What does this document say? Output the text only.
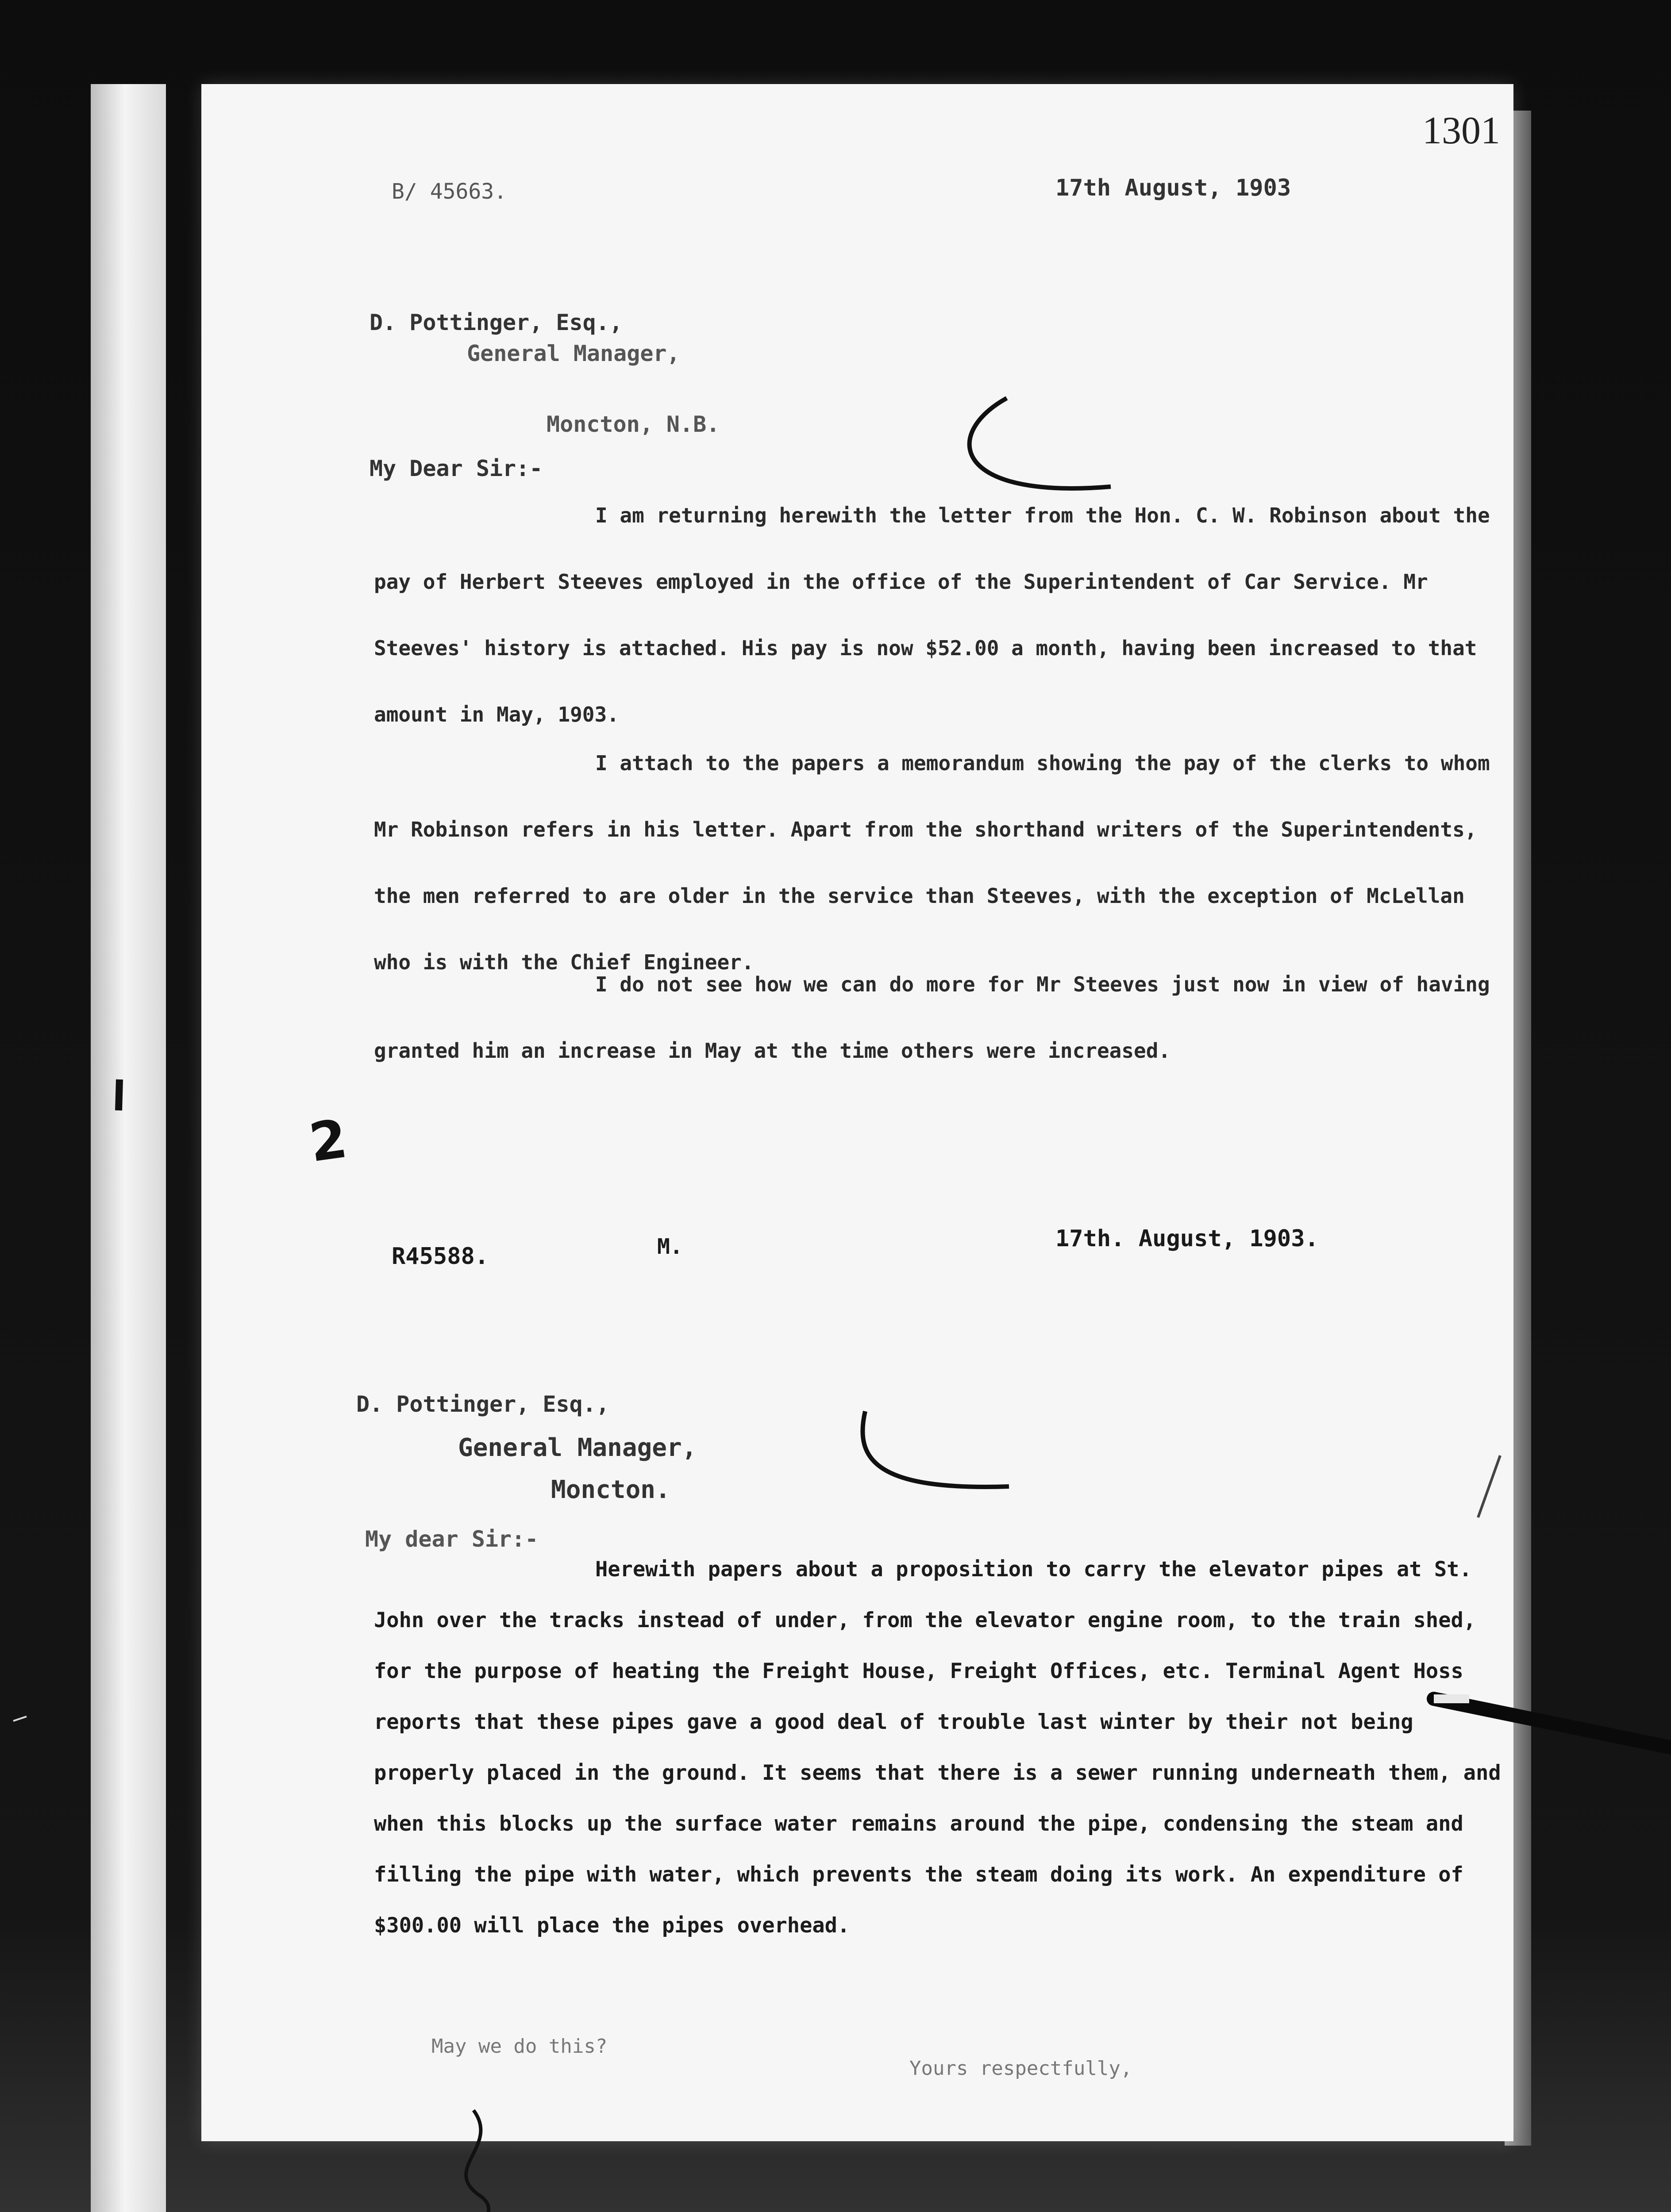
1301
B/ 45663.	17th August, 1903
D. Pottinger, Esq.,
General Manager,
Moncton, N.B.
My Dear Sir:-
I am returning herewith the letter from the Hon. C. W. Robinson about the pay of Herbert Steeves employed in the office of the Superintendent of Car Service. Mr Steeves' history is attached. His pay is now $52.00 a month, having been increased to that amount in May, 1903.
I attach to the papers a memorandum showing the pay of the clerks to whom Mr Robinson refers in his letter. Apart from the shorthand writers of the Superintendents, the men referred to are older in the service than Steeves, with the exception of McLellan who is with the Chief Engineer.
I do not see how we can do more for Mr Steeves just now in view of having granted him an increase in May at the time others were increased.
R45588.	M.	17th. August, 1903.
D. Pottinger, Esq.,
General Manager,
Moncton.
My dear Sir:-
Herewith papers about a proposition to carry the elevator pipes at St. John over the tracks instead of under, from the elevator engine room, to the train shed, for the purpose of heating the Freight House, Freight Offices, etc. Terminal Agent Hoss reports that these pipes gave a good deal of trouble last winter by their not being properly placed in the ground. It seems that there is a sewer running underneath them, and when this blocks up the surface water remains around the pipe, condensing the steam and filling the pipe with water, which prevents the steam doing its work. An expenditure of $300.00 will place the pipes overhead.
May we do this?
Yours respectfully,
2
